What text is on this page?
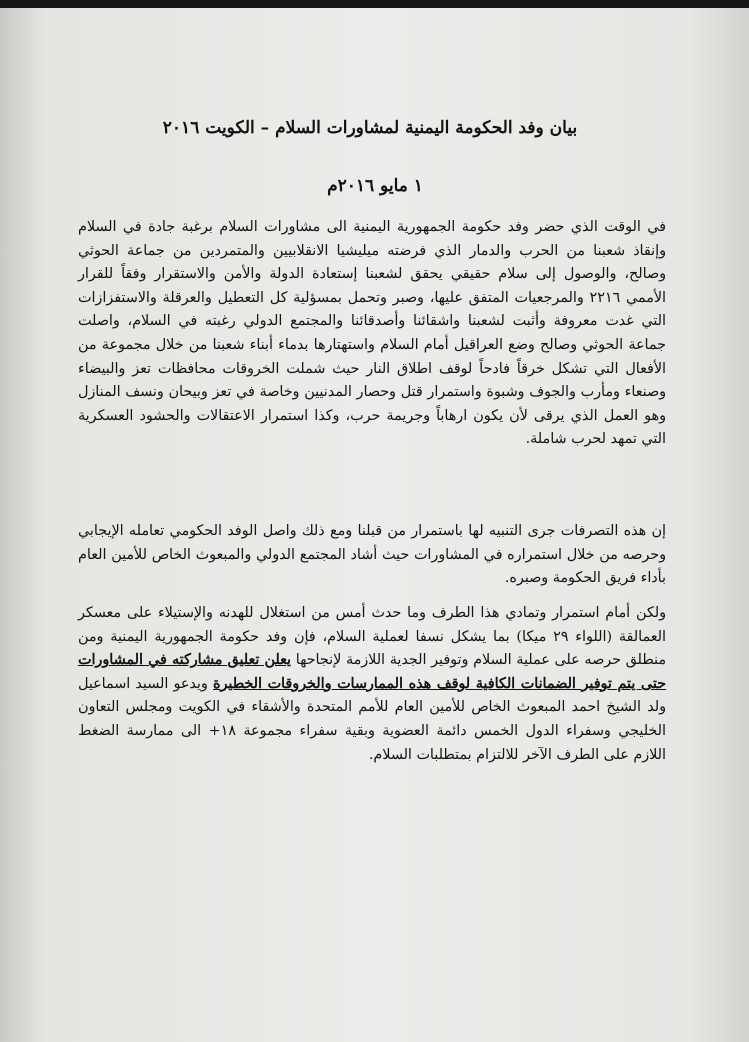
بيان وفد الحكومة اليمنية لمشاورات السلام – الكويت ٢٠١٦
١ مايو ٢٠١٦م
في الوقت الذي حضر وفد حكومة الجمهورية اليمنية الى مشاورات السلام برغبة جادة في السلام وإنقاذ شعبنا من الحرب والدمار الذي فرضته ميليشيا الانقلابيين والمتمردين من جماعة الحوثي وصالح، والوصول إلى سلام حقيقي يحقق لشعبنا إستعادة الدولة والأمن والاستقرار وفقاً للقرار الأممي ٢٢١٦ والمرجعيات المتفق عليها، وصبر وتحمل بمسؤلية كل التعطيل والعرقلة والاستفزازات التي غدت معروفة وأثبت لشعبنا واشقائنا وأصدقائنا والمجتمع الدولي رغبته في السلام، واصلت جماعة الحوثي وصالح وضع العراقيل أمام السلام واستهتارها بدماء أبناء شعبنا من خلال مجموعة من الأفعال التي تشكل خرقاً فادحاً لوقف اطلاق النار حيث شملت الخروقات محافظات تعز والبيضاء وصنعاء ومأرب والجوف وشبوة واستمرار قتل وحصار المدنيين وخاصة في تعز وبيحان ونسف المنازل وهو العمل الذي يرقى لأن يكون ارهاباً وجريمة حرب، وكذا استمرار الاعتقالات والحشود العسكرية التي تمهد لحرب شاملة.
إن هذه التصرفات جرى التنبيه لها باستمرار من قبلنا ومع ذلك واصل الوفد الحكومي تعامله الإيجابي وحرصه من خلال استمراره في المشاورات حيث أشاد المجتمع الدولي والمبعوث الخاص للأمين العام بأداء فريق الحكومة وصبره.
ولكن أمام استمرار وتمادي هذا الطرف وما حدث أمس من استغلال للهدنه والإستيلاء على معسكر العمالقة (اللواء ٢٩ ميكا) بما يشكل نسفا لعملية السلام، فإن وفد حكومة الجمهورية اليمنية ومن منطلق حرصه على عملية السلام وتوفير الجدية اللازمة لإنجاحها يعلن تعليق مشاركته في المشاورات حتى يتم توفير الضمانات الكافية لوقف هذه الممارسات والخروقات الخطيرة ويدعو السيد اسماعيل ولد الشيخ احمد المبعوث الخاص للأمين العام للأمم المتحدة والأشقاء في الكويت ومجلس التعاون الخليجي وسفراء الدول الخمس دائمة العضوية وبقية سفراء مجموعة ١٨+ الى ممارسة الضغط اللازم على الطرف الآخر للالتزام بمتطلبات السلام.
